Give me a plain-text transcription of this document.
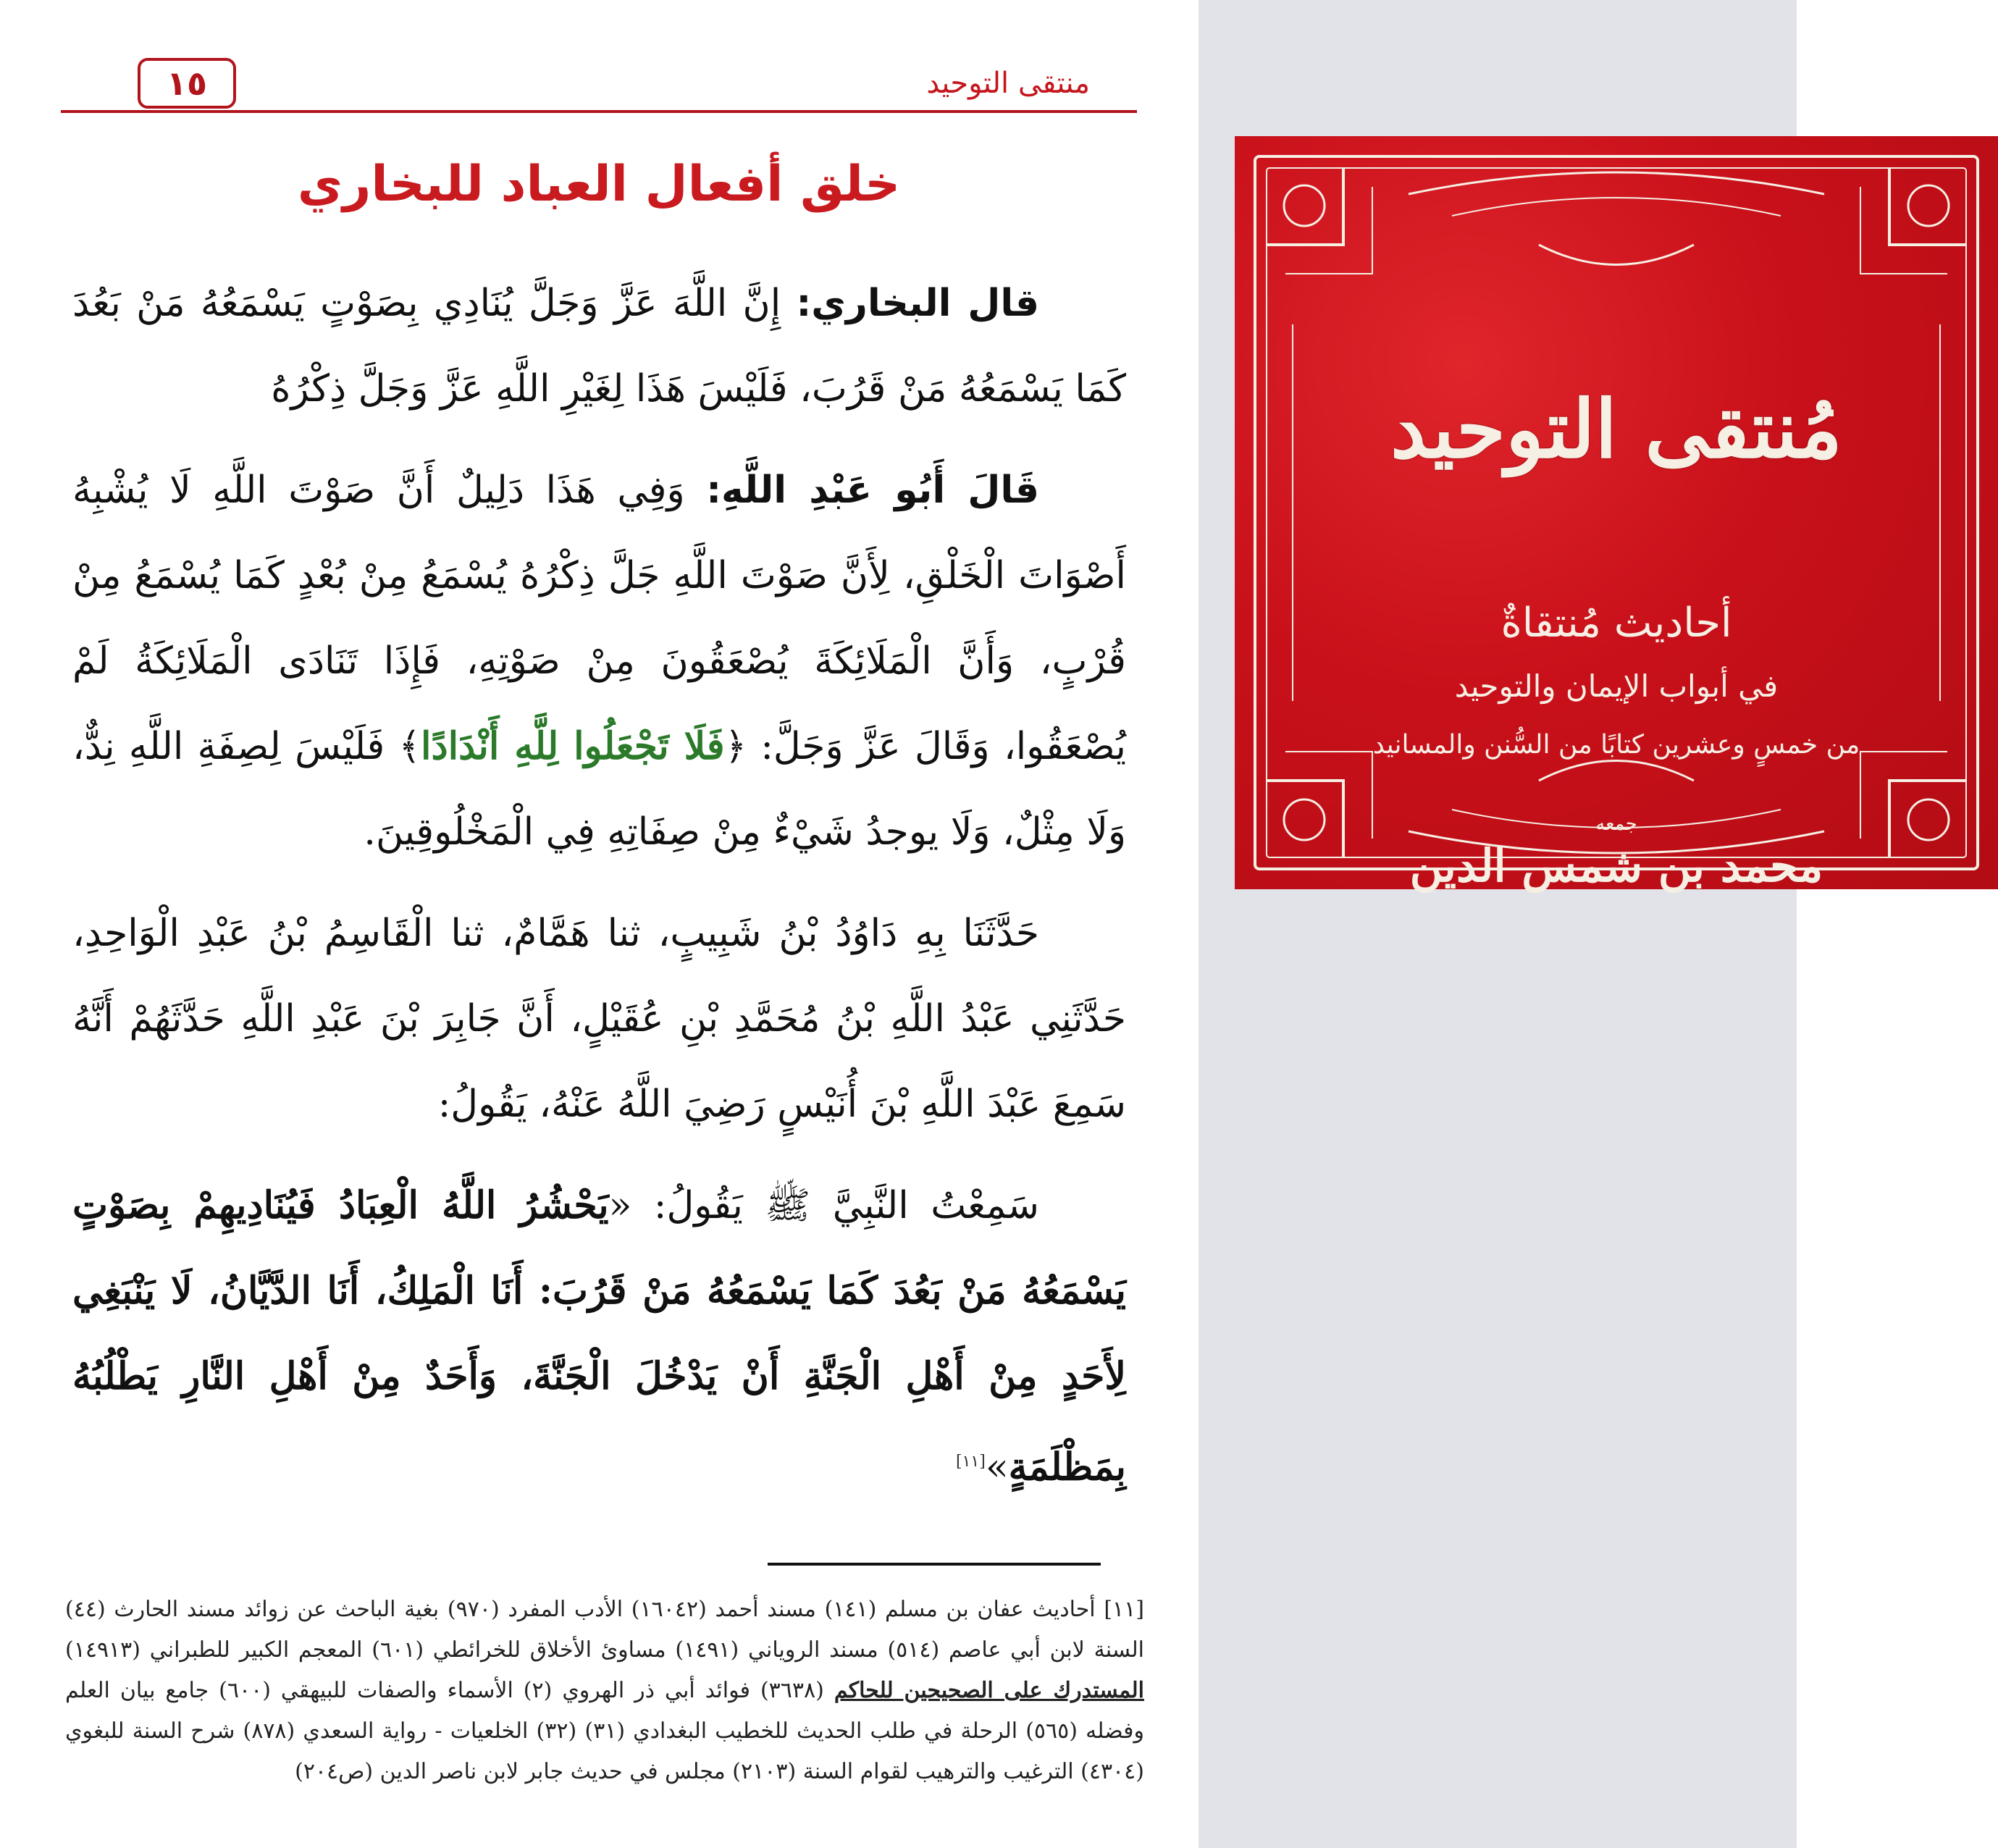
١٥	منتقى التوحيد
خلق أفعال العباد للبخاري

قال البخاري: إِنَّ اللَّهَ عَزَّ وَجَلَّ يُنَادِي بِصَوْتٍ يَسْمَعُهُ مَنْ بَعُدَ كَمَا يَسْمَعُهُ مَنْ قَرُبَ، فَلَيْسَ هَذَا لِغَيْرِ اللَّهِ عَزَّ وَجَلَّ ذِكْرُهُ

قَالَ أَبُو عَبْدِ اللَّهِ: وَفِي هَذَا دَلِيلٌ أَنَّ صَوْتَ اللَّهِ لَا يُشْبِهُ أَصْوَاتَ الْخَلْقِ، لِأَنَّ صَوْتَ اللَّهِ جَلَّ ذِكْرُهُ يُسْمَعُ مِنْ بُعْدٍ كَمَا يُسْمَعُ مِنْ قُرْبٍ، وَأَنَّ الْمَلَائِكَةَ يُصْعَقُونَ مِنْ صَوْتِهِ، فَإِذَا تَنَادَى الْمَلَائِكَةُ لَمْ يُصْعَقُوا، وَقَالَ عَزَّ وَجَلَّ: ﴿فَلَا تَجْعَلُوا لِلَّهِ أَنْدَادًا﴾ فَلَيْسَ لِصِفَةِ اللَّهِ نِدٌّ، وَلَا مِثْلٌ، وَلَا يوجدُ شَيْءٌ مِنْ صِفَاتِهِ فِي الْمَخْلُوقِينَ.

حَدَّثَنَا بِهِ دَاوُدُ بْنُ شَبِيبٍ، ثنا هَمَّامٌ، ثنا الْقَاسِمُ بْنُ عَبْدِ الْوَاحِدِ، حَدَّثَنِي عَبْدُ اللَّهِ بْنُ مُحَمَّدِ بْنِ عُقَيْلٍ، أَنَّ جَابِرَ بْنَ عَبْدِ اللَّهِ حَدَّثَهُمْ أَنَّهُ سَمِعَ عَبْدَ اللَّهِ بْنَ أُنَيْسٍ رَضِيَ اللَّهُ عَنْهُ، يَقُولُ:

سَمِعْتُ النَّبِيَّ ﷺ يَقُولُ: «يَحْشُرُ اللَّهُ الْعِبَادُ فَيُنَادِيهِمْ بِصَوْتٍ يَسْمَعُهُ مَنْ بَعُدَ كَمَا يَسْمَعُهُ مَنْ قَرُبَ: أَنَا الْمَلِكُ، أَنَا الدَّيَّانُ، لَا يَنْبَغِي لِأَحَدٍ مِنْ أَهْلِ الْجَنَّةِ أَنْ يَدْخُلَ الْجَنَّةَ، وَأَحَدٌ مِنْ أَهْلِ النَّارِ يَطْلُبُهُ بِمَظْلَمَةٍ»[١١]

[١١] أحاديث عفان بن مسلم (١٤١) مسند أحمد (١٦٠٤٢) الأدب المفرد (٩٧٠) بغية الباحث عن زوائد مسند الحارث (٤٤) السنة لابن أبي عاصم (٥١٤) مسند الروياني (١٤٩١) مساوئ الأخلاق للخرائطي (٦٠١) المعجم الكبير للطبراني (١٤٩١٣) المستدرك على الصحيحين للحاكم (٣٦٣٨) فوائد أبي ذر الهروي (٢) الأسماء والصفات للبيهقي (٦٠٠) جامع بيان العلم وفضله (٥٦٥) الرحلة في طلب الحديث للخطيب البغدادي (٣١) (٣٢) الخلعيات - رواية السعدي (٨٧٨) شرح السنة للبغوي (٤٣٠٤) الترغيب والترهيب لقوام السنة (٢١٠٣) مجلس في حديث جابر لابن ناصر الدين (ص٢٠٤)
مُنتقى التوحيد
أحاديث مُنتقاةٌ
في أبواب الإيمان والتوحيد
من خمسٍ وعشرين كتابًا من السُّنن والمسانيد
جمعه
محمد بن شمس الدين
